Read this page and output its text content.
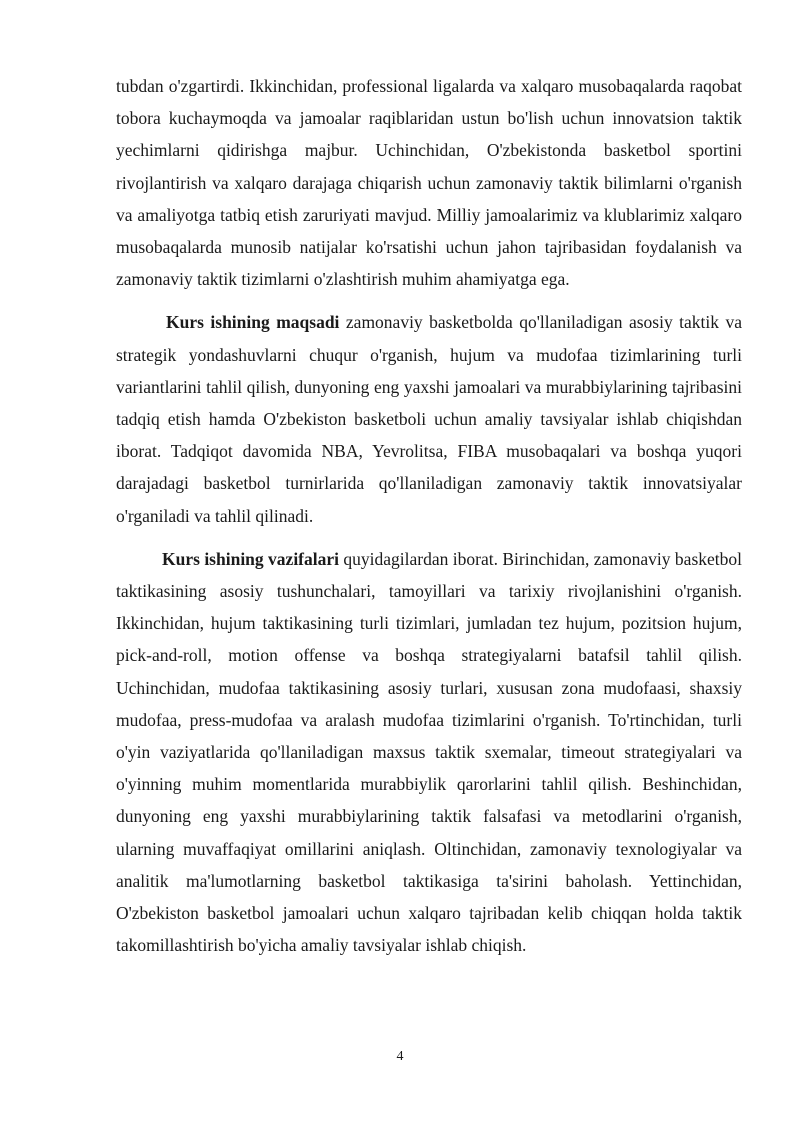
tubdan o'zgartirdi. Ikkinchidan, professional ligalarda va xalqaro musobaqalarda raqobat tobora kuchaymoqda va jamoalar raqiblaridan ustun bo'lish uchun innovatsion taktik yechimlarni qidirishga majbur. Uchinchidan, O'zbekistonda basketbol sportini rivojlantirish va xalqaro darajaga chiqarish uchun zamonaviy taktik bilimlarni o'rganish va amaliyotga tatbiq etish zaruriyati mavjud. Milliy jamoalarimiz va klublarimiz xalqaro musobaqalarda munosib natijalar ko'rsatishi uchun jahon tajribasidan foydalanish va zamonaviy taktik tizimlarni o'zlashtirish muhim ahamiyatga ega.

Kurs ishining maqsadi zamonaviy basketbolda qo'llaniladigan asosiy taktik va strategik yondashuvlarni chuqur o'rganish, hujum va mudofaa tizimlarining turli variantlarini tahlil qilish, dunyoning eng yaxshi jamoalari va murabbiylarining tajribasini tadqiq etish hamda O'zbekiston basketboli uchun amaliy tavsiyalar ishlab chiqishdan iborat. Tadqiqot davomida NBA, Yevrolitsa, FIBA musobaqalari va boshqa yuqori darajadagi basketbol turnirlarida qo'llaniladigan zamonaviy taktik innovatsiyalar o'rganiladi va tahlil qilinadi.

Kurs ishining vazifalari quyidagilardan iborat. Birinchidan, zamonaviy basketbol taktikasining asosiy tushunchalari, tamoyillari va tarixiy rivojlanishini o'rganish. Ikkinchidan, hujum taktikasining turli tizimlari, jumladan tez hujum, pozitsion hujum, pick-and-roll, motion offense va boshqa strategiyalarni batafsil tahlil qilish. Uchinchidan, mudofaa taktikasining asosiy turlari, xususan zona mudofaasi, shaxsiy mudofaa, press-mudofaa va aralash mudofaa tizimlarini o'rganish. To'rtinchidan, turli o'yin vaziyatlarida qo'llaniladigan maxsus taktik sxemalar, timeout strategiyalari va o'yinning muhim momentlarida murabbiylik qarorlarini tahlil qilish. Beshinchidan, dunyoning eng yaxshi murabbiylarining taktik falsafasi va metodlarini o'rganish, ularning muvaffaqiyat omillarini aniqlash. Oltinchidan, zamonaviy texnologiyalar va analitik ma'lumotlarning basketbol taktikasiga ta'sirini baholash. Yettinchidan, O'zbekiston basketbol jamoalari uchun xalqaro tajribadan kelib chiqqan holda taktik takomillashtirish bo'yicha amaliy tavsiyalar ishlab chiqish.

4
